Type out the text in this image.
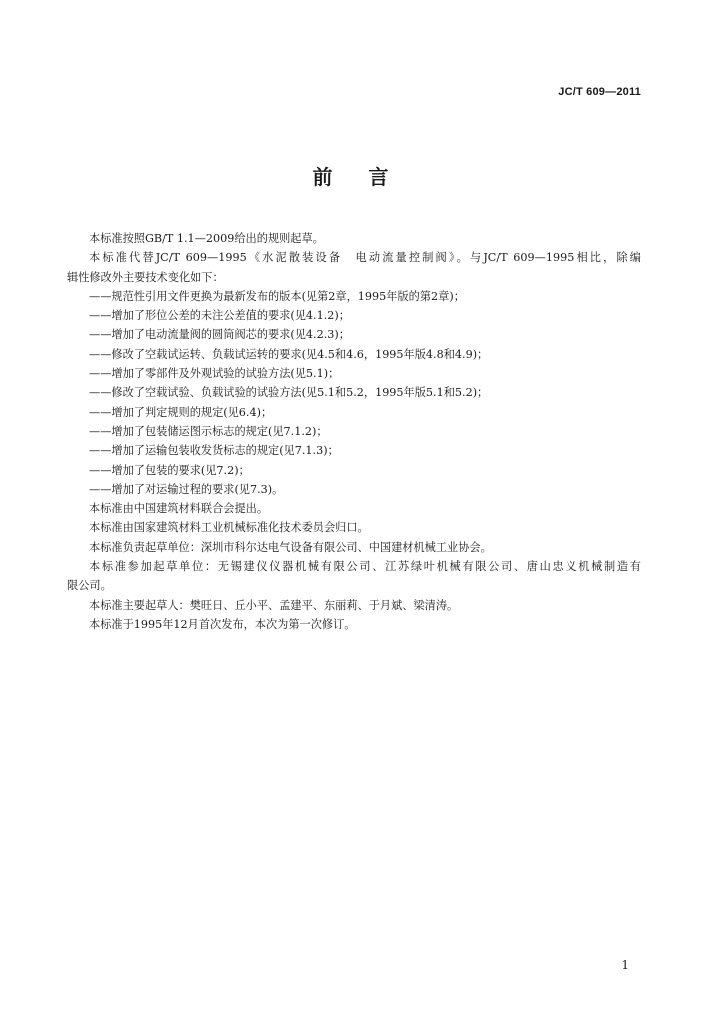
JC/T 609—2011
前 言

本标准按照GB/T 1.1—2009给出的规则起草。

本标准代替JC/T 609—1995《水泥散装设备　电动流量控制阀》。与JC/T 609—1995相比，除编

辑性修改外主要技术变化如下：

——规范性引用文件更换为最新发布的版本(见第2章，1995年版的第2章)；

——增加了形位公差的未注公差值的要求(见4.1.2)；

——增加了电动流量阀的圆筒阀芯的要求(见4.2.3)；

——修改了空载试运转、负载试运转的要求(见4.5和4.6，1995年版4.8和4.9)；

——增加了零部件及外观试验的试验方法(见5.1)；

——修改了空载试验、负载试验的试验方法(见5.1和5.2，1995年版5.1和5.2)；

——增加了判定规则的规定(见6.4)；

——增加了包装储运图示标志的规定(见7.1.2)；

——增加了运输包装收发货标志的规定(见7.1.3)；

——增加了包装的要求(见7.2)；

——增加了对运输过程的要求(见7.3)。

本标准由中国建筑材料联合会提出。

本标准由国家建筑材料工业机械标准化技术委员会归口。

本标准负责起草单位：深圳市科尔达电气设备有限公司、中国建材机械工业协会。

本标准参加起草单位：无锡建仪仪器机械有限公司、江苏绿叶机械有限公司、唐山忠义机械制造有

限公司。

本标准主要起草人：樊旺日、丘小平、孟建平、东丽莉、于月斌、梁清涛。

本标准于1995年12月首次发布，本次为第一次修订。

1
